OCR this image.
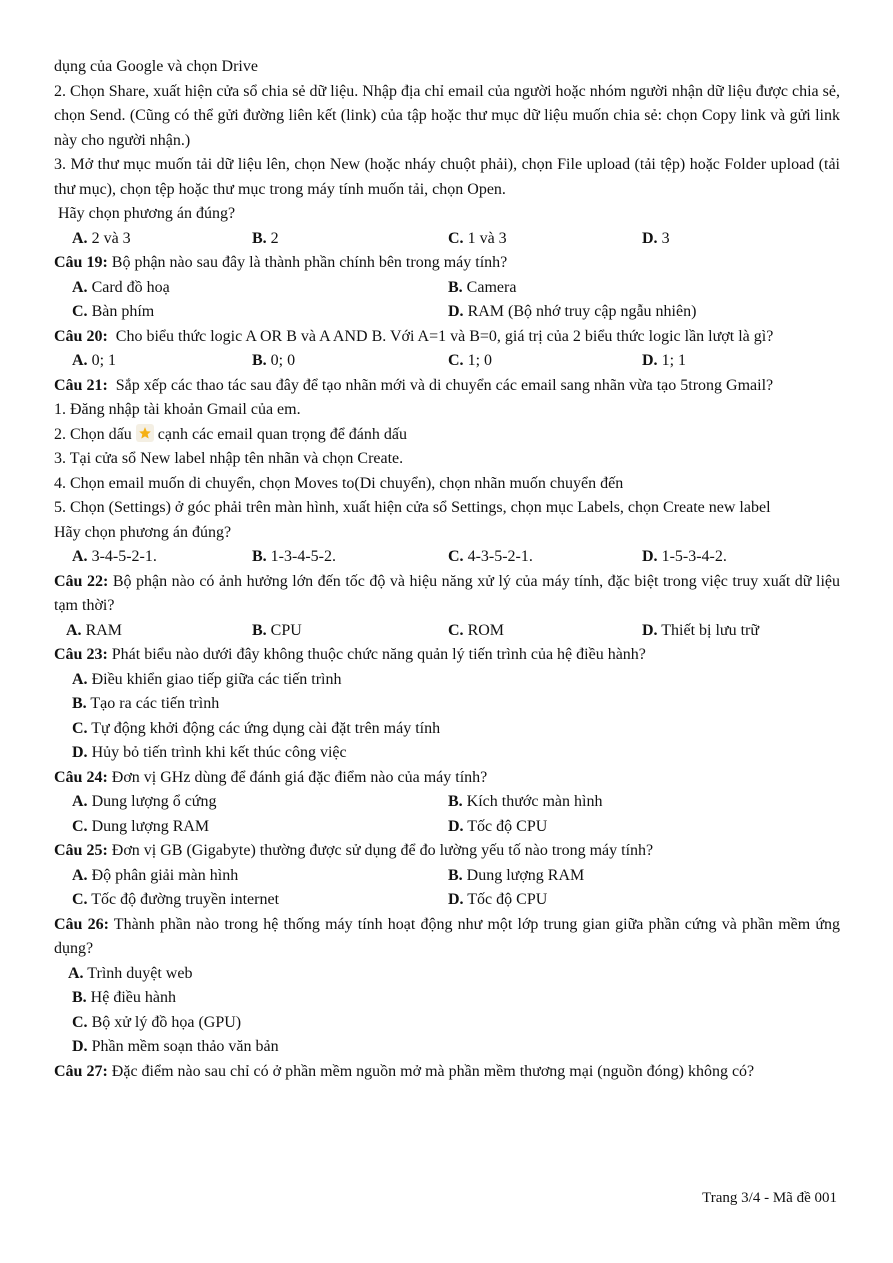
dụng của Google và chọn Drive
2. Chọn Share, xuất hiện cửa sổ chia sẻ dữ liệu. Nhập địa chỉ email của người hoặc nhóm người nhận dữ liệu được chia sẻ, chọn Send. (Cũng có thể gửi đường liên kết (link) của tập hoặc thư mục dữ liệu muốn chia sẻ: chọn Copy link và gửi link này cho người nhận.)
3. Mở thư mục muốn tải dữ liệu lên, chọn New (hoặc nháy chuột phải), chọn File upload (tải tệp) hoặc Folder upload (tải thư mục), chọn tệp hoặc thư mục trong máy tính muốn tải, chọn Open.
Hãy chọn phương án đúng?
A. 2 và 3	B. 2	C. 1 và 3	D. 3
Câu 19: Bộ phận nào sau đây là thành phần chính bên trong máy tính?
A. Card đồ hoạ	B. Camera
C. Bàn phím	D. RAM (Bộ nhớ truy cập ngẫu nhiên)
Câu 20:  Cho biểu thức logic A OR B và A AND B. Với A=1 và B=0, giá trị của 2 biểu thức logic lần lượt là gì?
A. 0; 1	B. 0; 0	C. 1; 0	D. 1; 1
Câu 21:  Sắp xếp các thao tác sau đây để tạo nhãn mới và di chuyển các email sang nhãn vừa tạo 5trong Gmail?
1. Đăng nhập tài khoản Gmail của em.
2. Chọn dấu
cạnh các email quan trọng để đánh dấu
3. Tại cửa sổ New label nhập tên nhãn và chọn Create.
4. Chọn email muốn di chuyển, chọn Moves to(Di chuyển), chọn nhãn muốn chuyển đến
5. Chọn (Settings) ở góc phải trên màn hình, xuất hiện cửa sổ Settings, chọn mục Labels, chọn Create new label
Hãy chọn phương án đúng?
A. 3-4-5-2-1.	B. 1-3-4-5-2.	C. 4-3-5-2-1.	D. 1-5-3-4-2.
Câu 22: Bộ phận nào có ảnh hưởng lớn đến tốc độ và hiệu năng xử lý của máy tính, đặc biệt trong việc truy xuất dữ liệu tạm thời?
A. RAM	B. CPU	C. ROM	D. Thiết bị lưu trữ
Câu 23: Phát biểu nào dưới đây không thuộc chức năng quản lý tiến trình của hệ điều hành?
A. Điều khiển giao tiếp giữa các tiến trình
B. Tạo ra các tiến trình
C. Tự động khởi động các ứng dụng cài đặt trên máy tính
D. Hủy bỏ tiến trình khi kết thúc công việc
Câu 24: Đơn vị GHz dùng để đánh giá đặc điểm nào của máy tính?
A. Dung lượng ổ cứng	B. Kích thước màn hình
C. Dung lượng RAM	D. Tốc độ CPU
Câu 25: Đơn vị GB (Gigabyte) thường được sử dụng để đo lường yếu tố nào trong máy tính?
A. Độ phân giải màn hình	B. Dung lượng RAM
C. Tốc độ đường truyền internet	D. Tốc độ CPU
Câu 26: Thành phần nào trong hệ thống máy tính hoạt động như một lớp trung gian giữa phần cứng và phần mềm ứng dụng?
A. Trình duyệt web
B. Hệ điều hành
C. Bộ xử lý đồ họa (GPU)
D. Phần mềm soạn thảo văn bản
Câu 27: Đặc điểm nào sau chỉ có ở phần mềm nguồn mở mà phần mềm thương mại (nguồn đóng) không có?
Trang 3/4 - Mã đề 001
